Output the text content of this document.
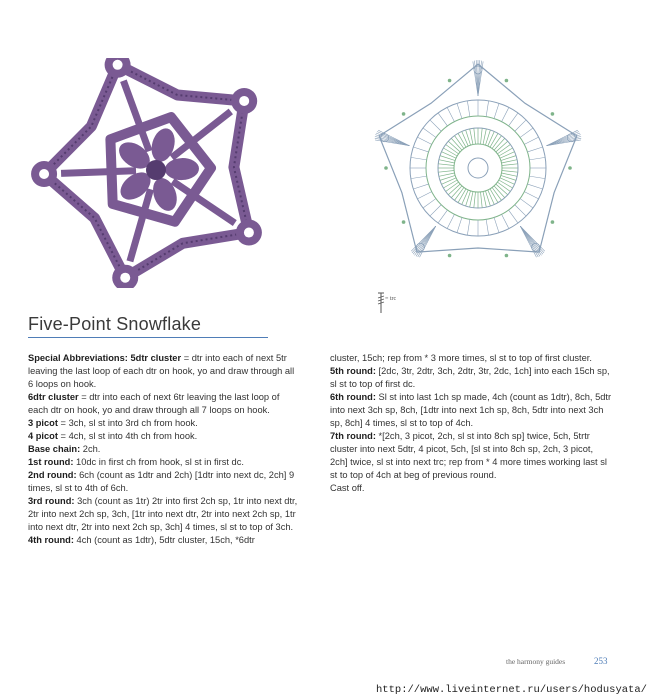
= trc
Five-Point Snowflake

Special Abbreviations: 5dtr cluster = dtr into each of next 5tr leaving the last loop of each dtr on hook, yo and draw through all 6 loops on hook.

6dtr cluster = dtr into each of next 6tr leaving the last loop of each dtr on hook, yo and draw through all 7 loops on hook.

3 picot = 3ch, sl st into 3rd ch from hook.

4 picot = 4ch, sl st into 4th ch from hook.

Base chain: 2ch.

1st round: 10dc in first ch from hook, sl st in first dc.

2nd round: 6ch (count as 1dtr and 2ch) [1dtr into next dc, 2ch] 9 times, sl st to 4th of 6ch.

3rd round: 3ch (count as 1tr) 2tr into first 2ch sp, 1tr into next dtr, 2tr into next 2ch sp, 3ch, [1tr into next dtr, 2tr into next 2ch sp, 1tr into next dtr, 2tr into next 2ch sp, 3ch] 4 times, sl st to top of 3ch.

4th round: 4ch (count as 1dtr), 5dtr cluster, 15ch, *6dtr

cluster, 15ch; rep from * 3 more times, sl st to top of first cluster.

5th round: [2dc, 3tr, 2dtr, 3ch, 2dtr, 3tr, 2dc, 1ch] into each 15ch sp, sl st to top of first dc.

6th round: Sl st into last 1ch sp made, 4ch (count as 1dtr), 8ch, 5dtr into next 3ch sp, 8ch, [1dtr into next 1ch sp, 8ch, 5dtr into next 3ch sp, 8ch] 4 times, sl st to top of 4ch.

7th round: *[2ch, 3 picot, 2ch, sl st into 8ch sp] twice, 5ch, 5trtr cluster into next 5dtr, 4 picot, 5ch, [sl st into 8ch sp, 2ch, 3 picot, 2ch] twice, sl st into next trc; rep from * 4 more times working last sl st to top of 4ch at beg of previous round.

Cast off.

the harmony guides	253
http://www.liveinternet.ru/users/hodusyata/
